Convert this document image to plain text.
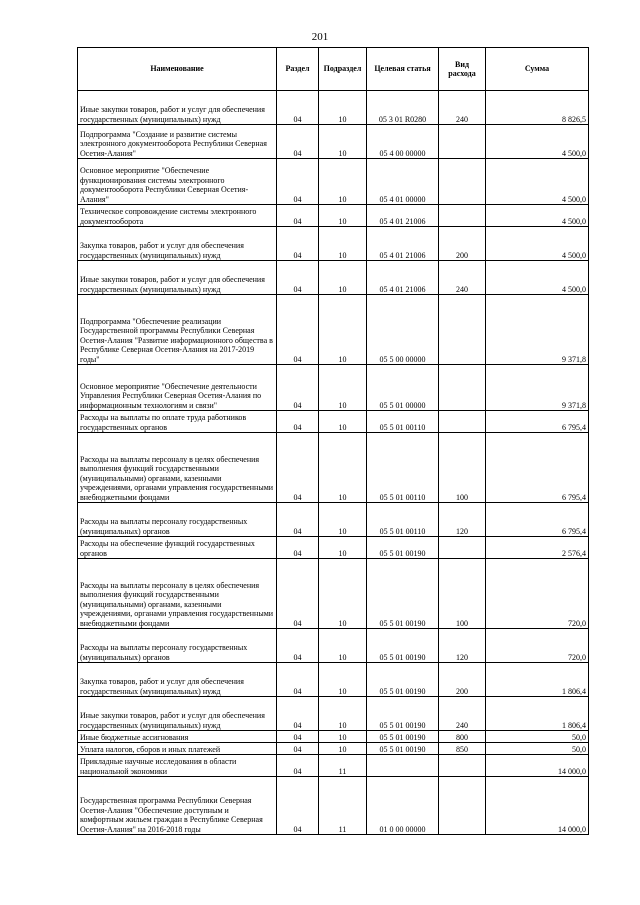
201
Наименование	Раздел	Подраздел	Целевая статья	Вид расхода	Сумма
Иные закупки товаров, работ и услуг для обеспечения государственных (муниципальных) нужд	04	10	05 3 01 R0280	240	8 826,5
Подпрограмма "Создание и развитие системы электронного документооборота Республики Северная Осетия-Алания"	04	10	05 4 00 00000		4 500,0
Основное мероприятие "Обеспечение функционирования системы электронного документооборота Республики Северная Осетия-Алания"	04	10	05 4 01 00000		4 500,0
Техническое сопровождение системы электронного документооборота	04	10	05 4 01 21006		4 500,0
Закупка товаров, работ и услуг для обеспечения государственных (муниципальных) нужд	04	10	05 4 01 21006	200	4 500,0
Иные закупки товаров, работ и услуг для обеспечения государственных (муниципальных) нужд	04	10	05 4 01 21006	240	4 500,0
Подпрограмма "Обеспечение реализации Государственной программы Республики Северная Осетия-Алания "Развитие информационного общества в Республике Северная Осетия-Алания на 2017-2019 годы"	04	10	05 5 00 00000		9 371,8
Основное мероприятие "Обеспечение деятельности Управления Республики Северная Осетия-Алания по информационным технологиям и связи"	04	10	05 5 01 00000		9 371,8
Расходы на выплаты по оплате труда работников государственных органов	04	10	05 5 01 00110		6 795,4
Расходы на выплаты персоналу в целях обеспечения выполнения функций государственными (муниципальными) органами, казенными учреждениями, органами управления государственными внебюджетными фондами	04	10	05 5 01 00110	100	6 795,4
Расходы на выплаты персоналу государственных (муниципальных) органов	04	10	05 5 01 00110	120	6 795,4
Расходы на обеспечение функций государственных органов	04	10	05 5 01 00190		2 576,4
Расходы на выплаты персоналу в целях обеспечения выполнения функций государственными (муниципальными) органами, казенными учреждениями, органами управления государственными внебюджетными фондами	04	10	05 5 01 00190	100	720,0
Расходы на выплаты персоналу государственных (муниципальных) органов	04	10	05 5 01 00190	120	720,0
Закупка товаров, работ и услуг для обеспечения государственных (муниципальных) нужд	04	10	05 5 01 00190	200	1 806,4
Иные закупки товаров, работ и услуг для обеспечения государственных (муниципальных) нужд	04	10	05 5 01 00190	240	1 806,4
Иные бюджетные ассигнования	04	10	05 5 01 00190	800	50,0
Уплата налогов, сборов и иных платежей	04	10	05 5 01 00190	850	50,0
Прикладные научные исследования в области национальной экономики	04	11			14 000,0
Государственная программа Республики Северная Осетия-Алания "Обеспечение доступным и комфортным жильем граждан в Республике Северная Осетия-Алания" на 2016-2018 годы	04	11	01 0 00 00000		14 000,0
